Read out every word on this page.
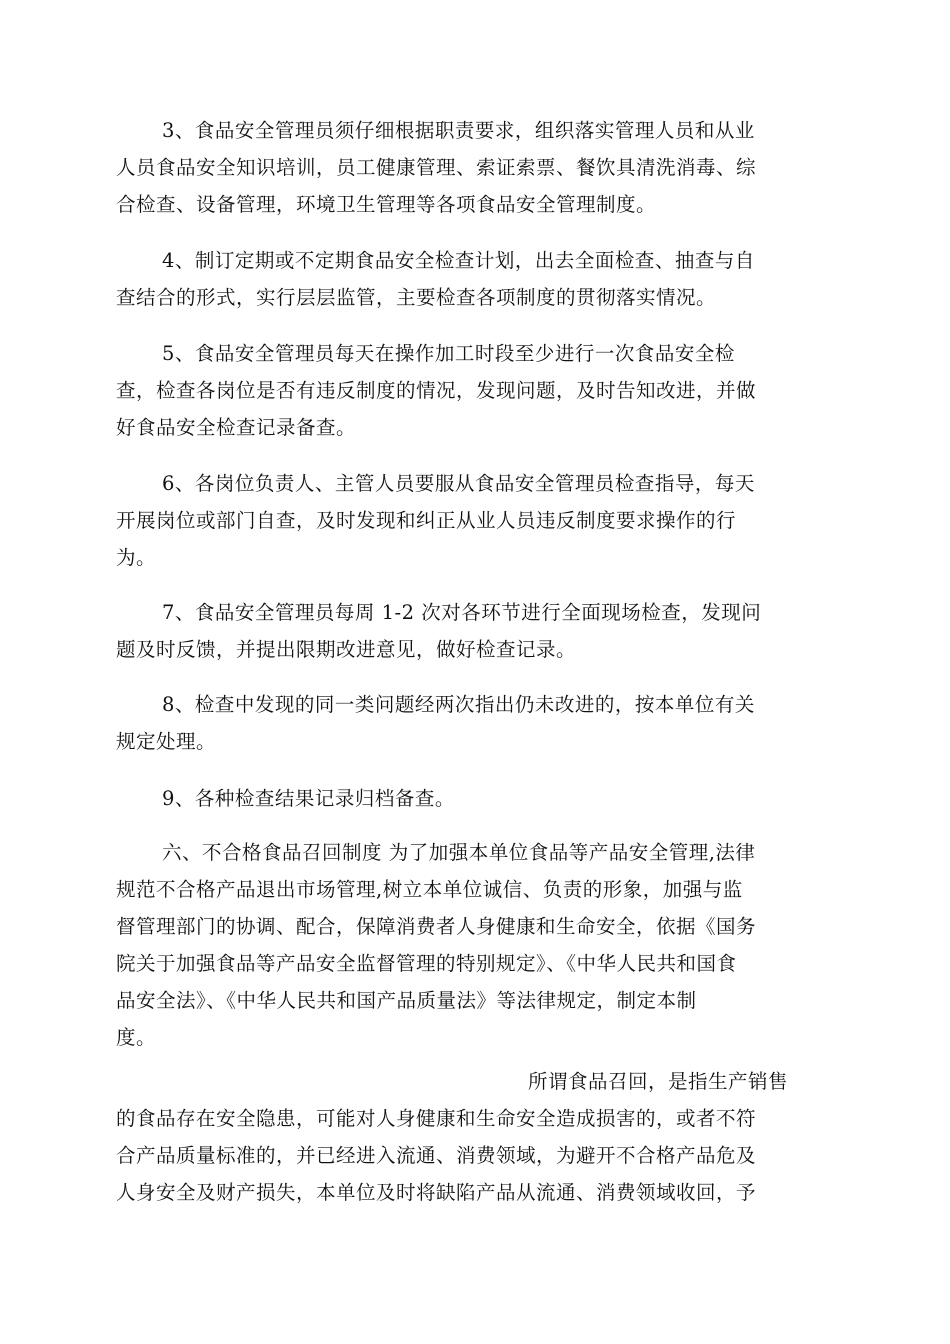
3、食品安全管理员须仔细根据职责要求，组织落实管理人员和从业
人员食品安全知识培训，员工健康管理、索证索票、餐饮具清洗消毒、综
合检查、设备管理，环境卫生管理等各项食品安全管理制度。
4、制订定期或不定期食品安全检查计划，出去全面检查、抽查与自
查结合的形式，实行层层监管，主要检查各项制度的贯彻落实情况。
5、食品安全管理员每天在操作加工时段至少进行一次食品安全检
查，检查各岗位是否有违反制度的情况，发现问题，及时告知改进，并做
好食品安全检查记录备查。
6、各岗位负责人、主管人员要服从食品安全管理员检查指导，每天
开展岗位或部门自查，及时发现和纠正从业人员违反制度要求操作的行
为。
7、食品安全管理员每周 1-2 次对各环节进行全面现场检查，发现问
题及时反馈，并提出限期改进意见，做好检查记录。
8、检查中发现的同一类问题经两次指出仍未改进的，按本单位有关
规定处理。
9、各种检查结果记录归档备查。
六、不合格食品召回制度 为了加强本单位食品等产品安全管理,法律
规范不合格产品退出市场管理,树立本单位诚信、负责的形象，加强与监
督管理部门的协调、配合，保障消费者人身健康和生命安全，依据《国务
院关于加强食品等产品安全监督管理的特别规定》、《中华人民共和国食
品安全法》、《中华人民共和国产品质量法》等法律规定，制定本制
度。
所谓食品召回，是指生产销售
的食品存在安全隐患，可能对人身健康和生命安全造成损害的，或者不符
合产品质量标准的，并已经进入流通、消费领域，为避开不合格产品危及
人身安全及财产损失，本单位及时将缺陷产品从流通、消费领域收回，予
